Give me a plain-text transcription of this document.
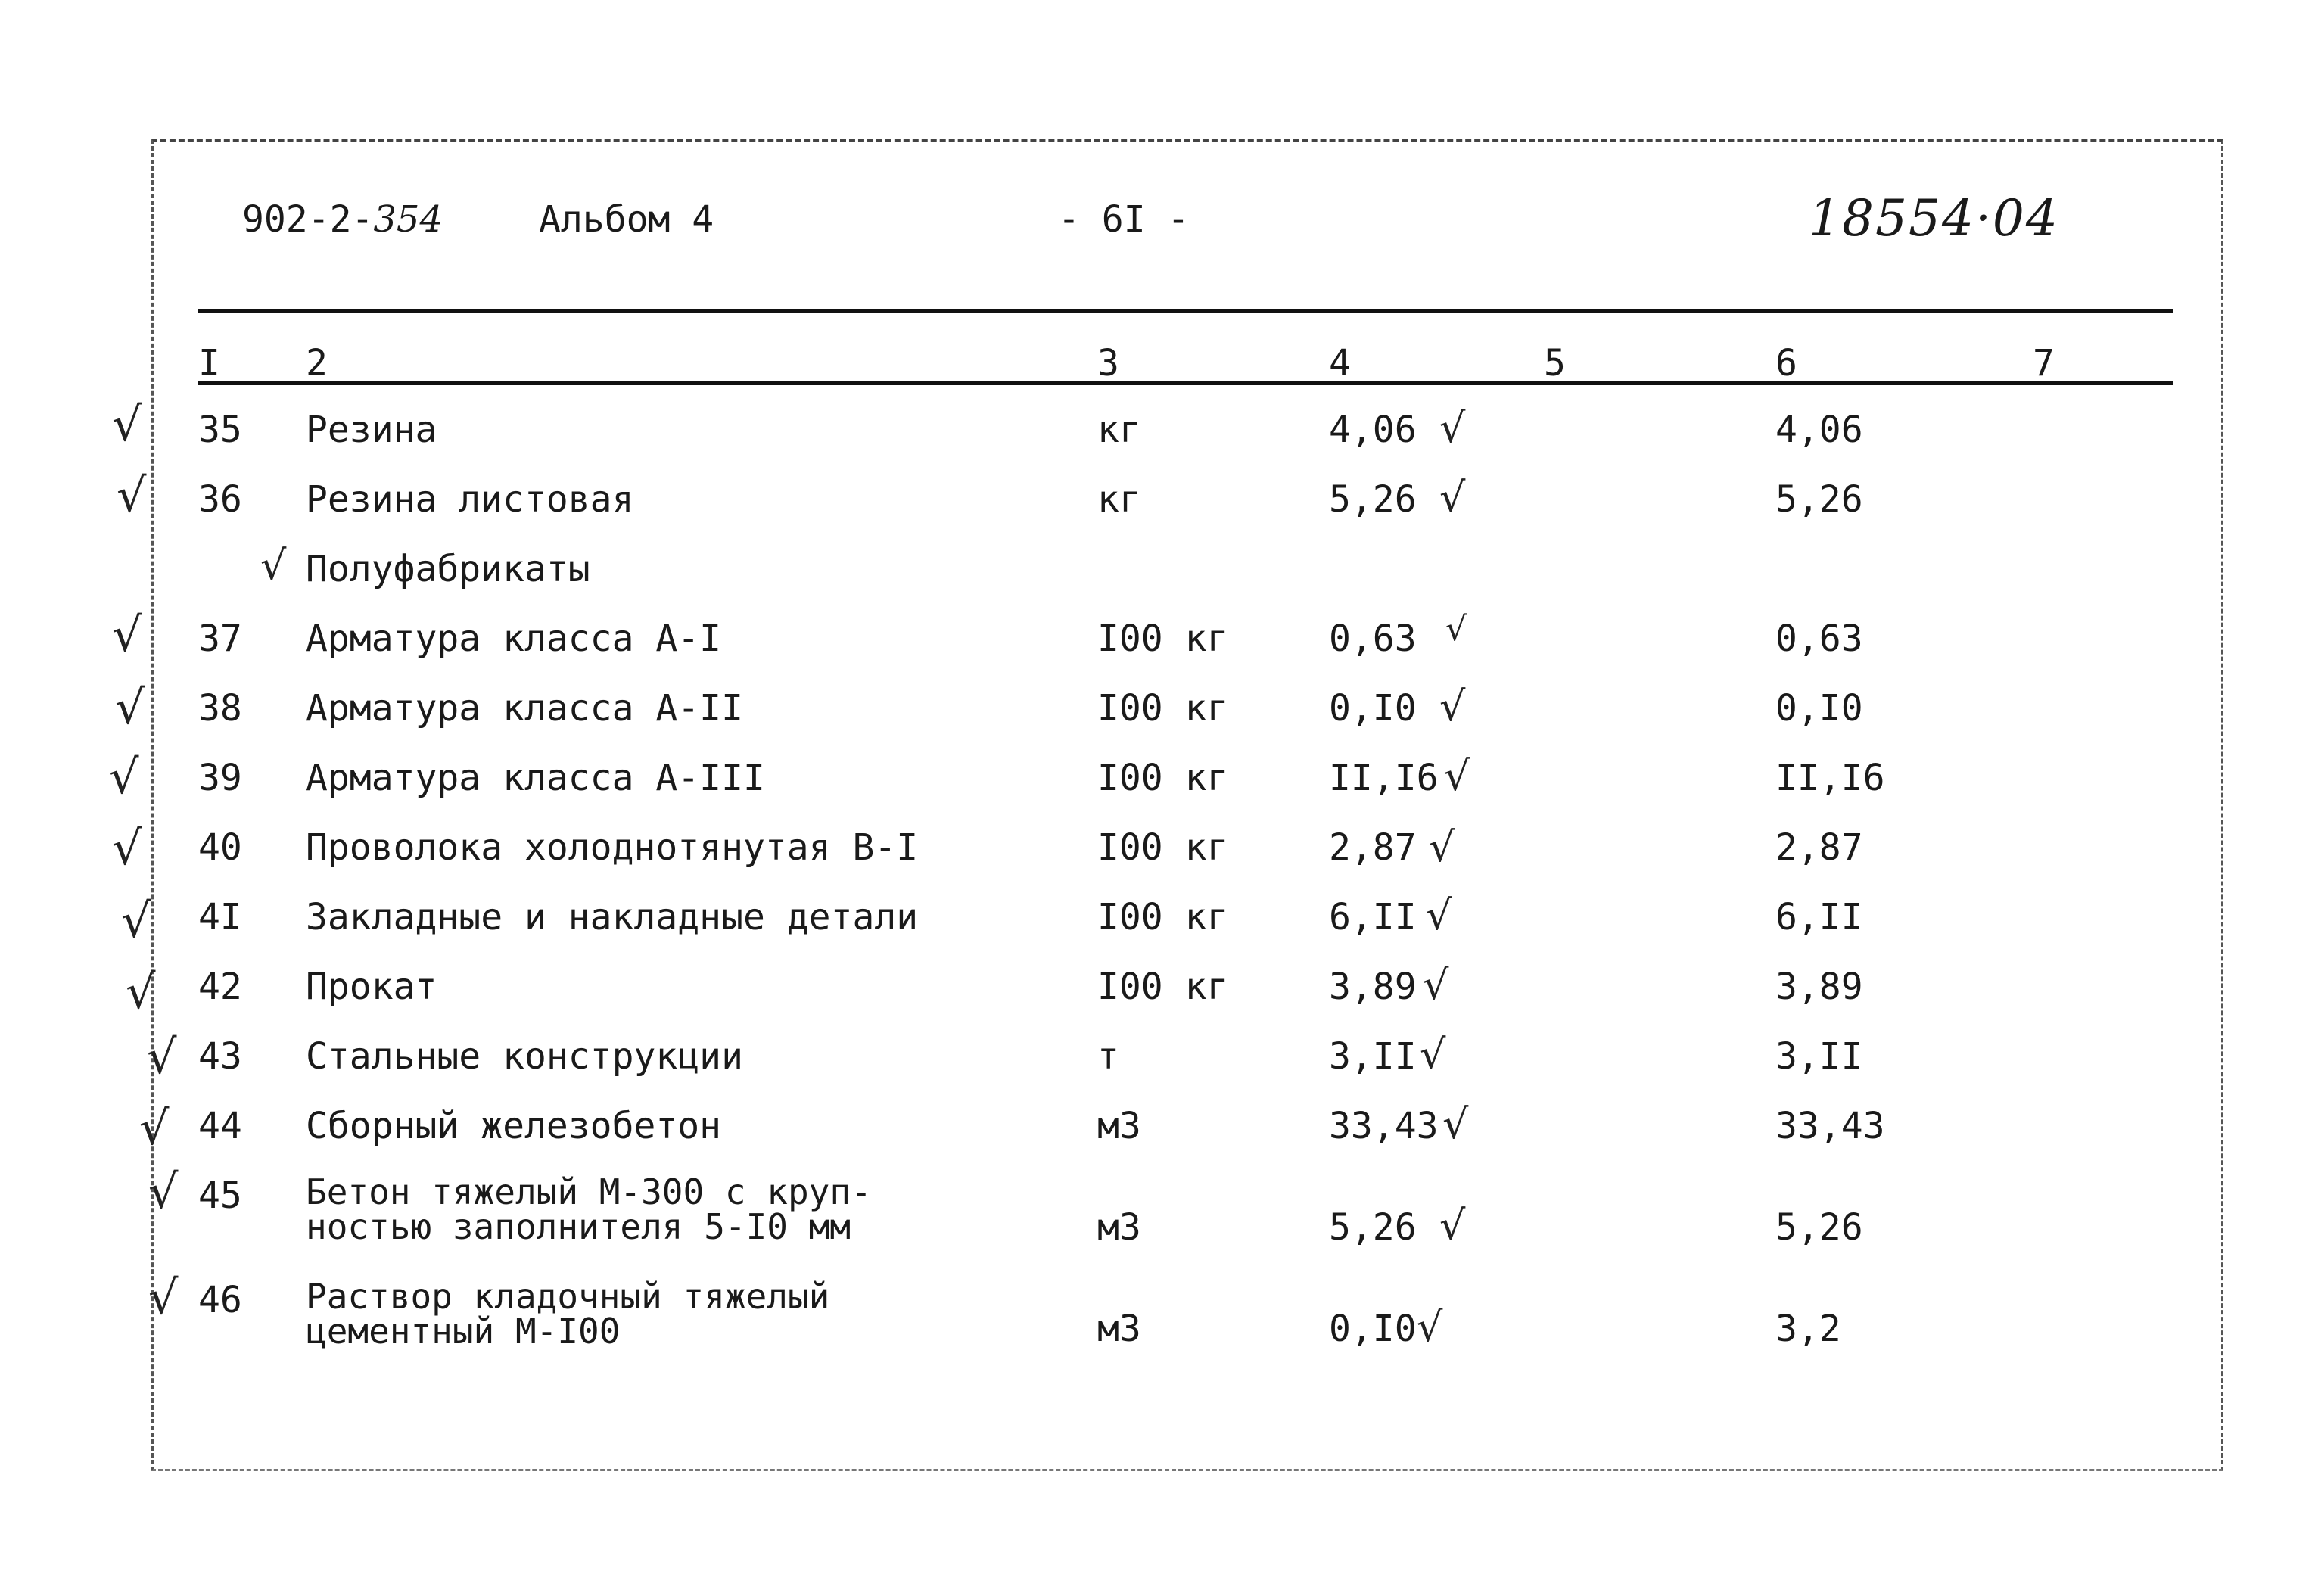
902-2-354	Альбом 4	- 6I -	18554·04
I 2	3	4	5	6	7
√ 35 Резина	кг	4,06 √	4,06
√ 36 Резина листовая	кг	5,26 √	5,26
√ Полуфабрикаты
√ 37 Арматура класса А-I	I00 кг	0,63 √	0,63
√ 38 Арматура класса А-II	I00 кг	0,I0 √	0,I0
√ 39 Арматура класса А-III	I00 кг	II,I6 √	II,I6
√ 40 Проволока холоднотянутая В-I	I00 кг	2,87 √	2,87
√ 4I Закладные и накладные детали	I00 кг	6,II √	6,II
√ 42 Прокат	I00 кг	3,89 √	3,89
√ 43 Стальные конструкции	т	3,II √	3,II
√ 44 Сборный железобетон	м3	33,43 √	33,43
√ 45 Бетон тяжелый М-300 с круп-
ностью заполнителя 5-I0 мм	м3	5,26 √	5,26
√ 46 Раствор кладочный тяжелый
цементный М-I00	м3	0,I0 √	3,2
